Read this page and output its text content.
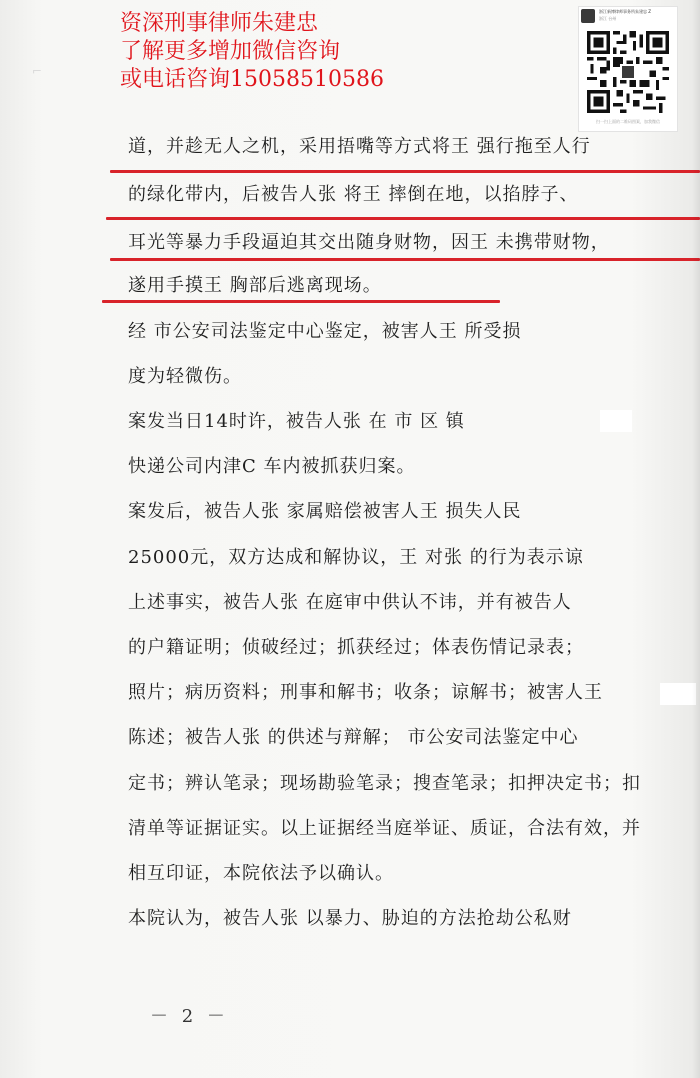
⌐
资深刑事律师朱建忠
了解更多增加微信咨询
或电话咨询15058510586
浙江新博律师事务所朱建忠 Z
浙江 台州
扫一扫上面的二维码图案，加我微信
道，并趁无人之机，采用捂嘴等方式将王 强行拖至人行
的绿化带内，后被告人张 将王 摔倒在地，以掐脖子、
耳光等暴力手段逼迫其交出随身财物，因王 未携带财物，
遂用手摸王 胸部后逃离现场。
经 市公安司法鉴定中心鉴定，被害人王 所受损
度为轻微伤。
案发当日14时许，被告人张 在 市 区 镇
快递公司内津C 车内被抓获归案。
案发后，被告人张 家属赔偿被害人王 损失人民
25000元，双方达成和解协议，王 对张 的行为表示谅
上述事实，被告人张 在庭审中供认不讳，并有被告人
的户籍证明；侦破经过；抓获经过；体表伤情记录表；
照片；病历资料；刑事和解书；收条；谅解书；被害人王
陈述；被告人张 的供述与辩解； 市公安司法鉴定中心
定书；辨认笔录；现场勘验笔录；搜查笔录；扣押决定书；扣
清单等证据证实。以上证据经当庭举证、质证，合法有效，并
相互印证，本院依法予以确认。
本院认为，被告人张 以暴力、胁迫的方法抢劫公私财
－ 2 －
